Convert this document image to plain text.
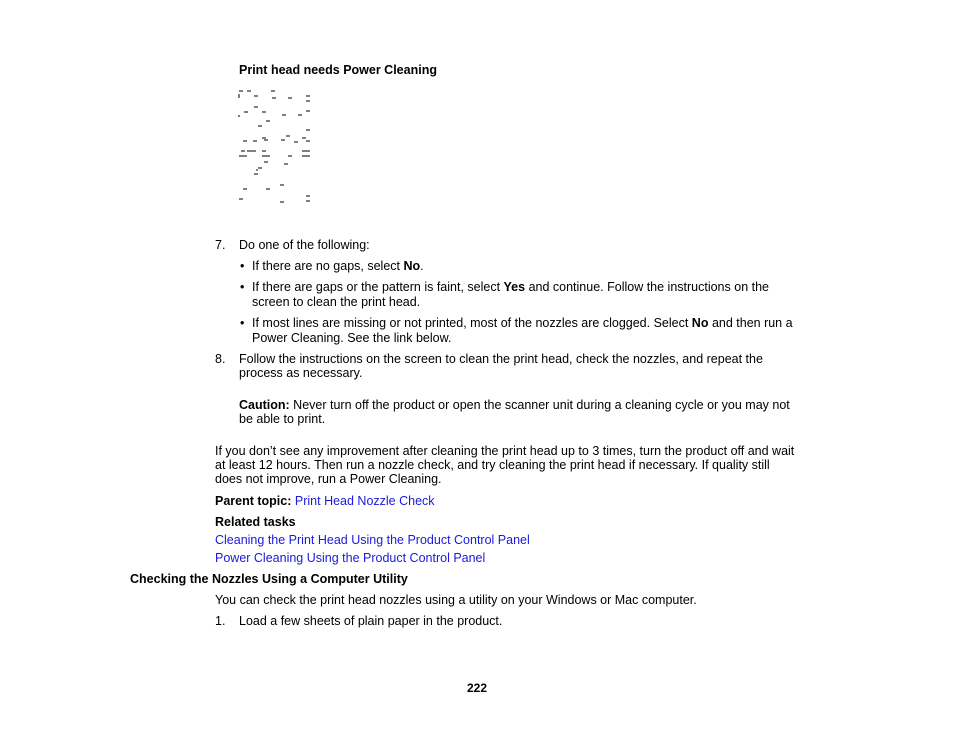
Print head needs Power Cleaning
7. Do one of the following:
• If there are no gaps, select No.
• If there are gaps or the pattern is faint, select Yes and continue. Follow the instructions on the
screen to clean the print head.
• If most lines are missing or not printed, most of the nozzles are clogged. Select No and then run a
Power Cleaning. See the link below.
8. Follow the instructions on the screen to clean the print head, check the nozzles, and repeat the
process as necessary.
Caution: Never turn off the product or open the scanner unit during a cleaning cycle or you may not
be able to print.
If you don’t see any improvement after cleaning the print head up to 3 times, turn the product off and wait
at least 12 hours. Then run a nozzle check, and try cleaning the print head if necessary. If quality still
does not improve, run a Power Cleaning.
Parent topic: Print Head Nozzle Check
Related tasks
Cleaning the Print Head Using the Product Control Panel
Power Cleaning Using the Product Control Panel
Checking the Nozzles Using a Computer Utility
You can check the print head nozzles using a utility on your Windows or Mac computer.
1. Load a few sheets of plain paper in the product.
222
